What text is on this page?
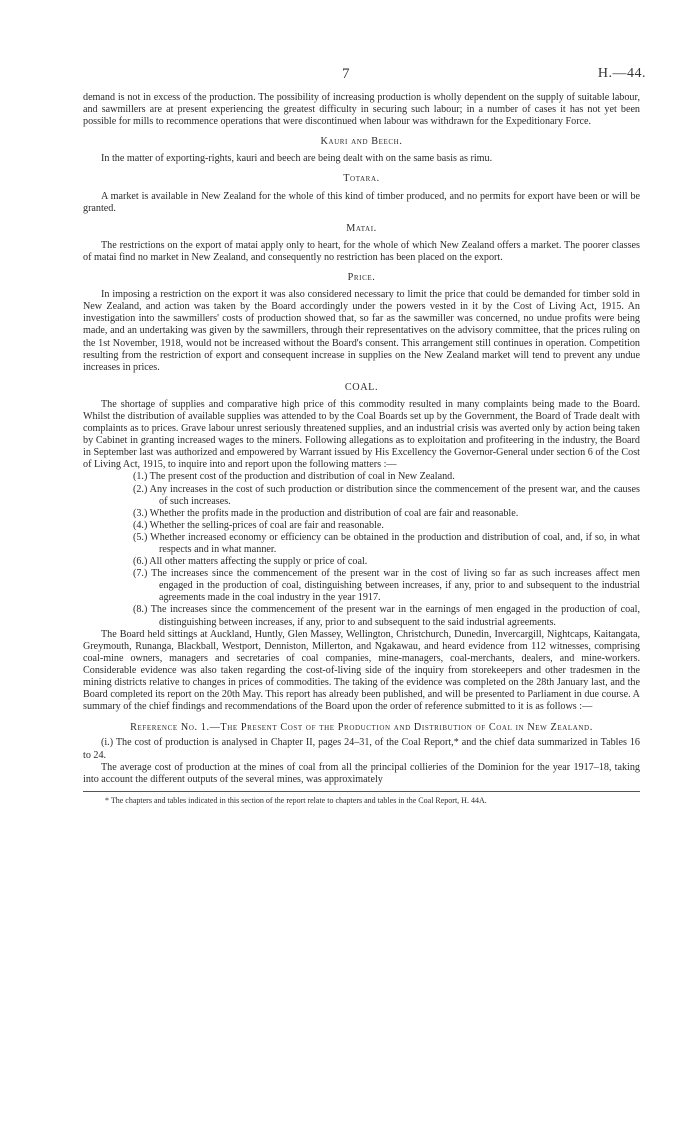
7	H.—44.

demand is not in excess of the production. The possibility of increasing production is wholly dependent on the supply of suitable labour, and sawmillers are at present experiencing the greatest difficulty in securing such labour; in a number of cases it has not yet been possible for mills to recommence operations that were discontinued when labour was withdrawn for the Expeditionary Force.

Kauri and Beech.

In the matter of exporting-rights, kauri and beech are being dealt with on the same basis as rimu.

Totara.

A market is available in New Zealand for the whole of this kind of timber produced, and no permits for export have been or will be granted.

Matai.

The restrictions on the export of matai apply only to heart, for the whole of which New Zealand offers a market. The poorer classes of matai find no market in New Zealand, and consequently no restriction has been placed on the export.

Price.

In imposing a restriction on the export it was also considered necessary to limit the price that could be demanded for timber sold in New Zealand, and action was taken by the Board accordingly under the powers vested in it by the Cost of Living Act, 1915. An investigation into the sawmillers' costs of production showed that, so far as the sawmiller was concerned, no undue profits were being made, and an undertaking was given by the sawmillers, through their representatives on the advisory committee, that the prices ruling on the 1st November, 1918, would not be increased without the Board's consent. This arrangement still continues in operation. Competition resulting from the restriction of export and consequent increase in supplies on the New Zealand market will tend to prevent any undue increases in prices.

COAL.

The shortage of supplies and comparative high price of this commodity resulted in many complaints being made to the Board. Whilst the distribution of available supplies was attended to by the Coal Boards set up by the Government, the Board of Trade dealt with complaints as to prices. Grave labour unrest seriously threatened supplies, and an industrial crisis was averted only by action being taken by Cabinet in granting increased wages to the miners. Following allegations as to exploitation and profiteering in the industry, the Board in September last was authorized and empowered by Warrant issued by His Excellency the Governor-General under section 6 of the Cost of Living Act, 1915, to inquire into and report upon the following matters :—

(1.) The present cost of the production and distribution of coal in New Zealand.
(2.) Any increases in the cost of such production or distribution since the commencement of the present war, and the causes of such increases.
(3.) Whether the profits made in the production and distribution of coal are fair and reasonable.
(4.) Whether the selling-prices of coal are fair and reasonable.
(5.) Whether increased economy or efficiency can be obtained in the production and distribution of coal, and, if so, in what respects and in what manner.
(6.) All other matters affecting the supply or price of coal.
(7.) The increases since the commencement of the present war in the cost of living so far as such increases affect men engaged in the production of coal, distinguishing between increases, if any, prior to and subsequent to the industrial agreements made in the coal industry in the year 1917.
(8.) The increases since the commencement of the present war in the earnings of men engaged in the production of coal, distinguishing between increases, if any, prior to and subsequent to the said industrial agreements.

The Board held sittings at Auckland, Huntly, Glen Massey, Wellington, Christchurch, Dunedin, Invercargill, Nightcaps, Kaitangata, Greymouth, Runanga, Blackball, Westport, Denniston, Millerton, and Ngakawau, and heard evidence from 112 witnesses, comprising coal-mine owners, managers and secretaries of coal companies, mine-managers, coal-merchants, dealers, and mine-workers. Considerable evidence was also taken regarding the cost-of-living side of the inquiry from storekeepers and other tradesmen in the mining districts relative to changes in prices of commodities. The taking of the evidence was completed on the 28th January last, and the Board completed its report on the 20th May. This report has already been published, and will be presented to Parliament in due course. A summary of the chief findings and recommendations of the Board upon the order of reference submitted to it is as follows :—

Reference No. 1.—The Present Cost of the Production and Distribution of Coal in New Zealand.

(i.) The cost of production is analysed in Chapter II, pages 24–31, of the Coal Report,* and the chief data summarized in Tables 16 to 24.

The average cost of production at the mines of coal from all the principal collieries of the Dominion for the year 1917–18, taking into account the different outputs of the several mines, was approximately

* The chapters and tables indicated in this section of the report relate to chapters and tables in the Coal Report, H. 44A.
